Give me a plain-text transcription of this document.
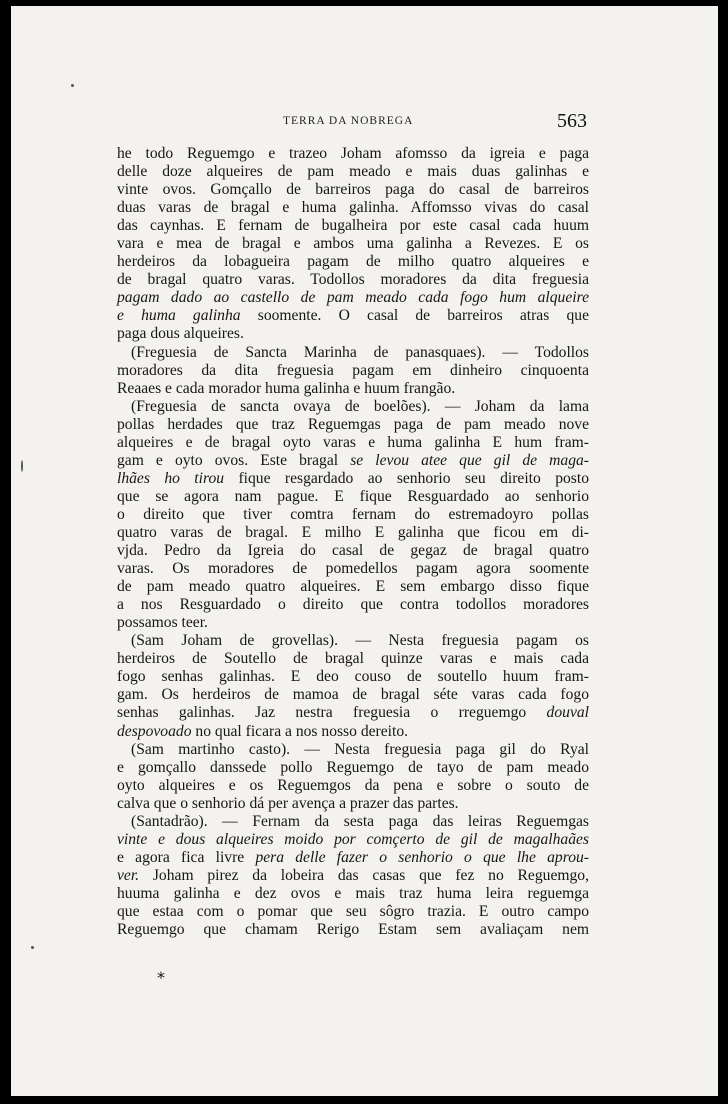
TERRA DA NOBREGA	563
he todo Reguemgo e trazeo Joham afomsso da igreia e paga
delle doze alqueires de pam meado e mais duas galinhas e
vinte ovos. Gomçallo de barreiros paga do casal de barreiros
duas varas de bragal e huma galinha. Affomsso vivas do casal
das caynhas. E fernam de bugalheira por este casal cada huum
vara e mea de bragal e ambos uma galinha a Revezes. E os
herdeiros da lobagueira pagam de milho quatro alqueires e
de bragal quatro varas. Todollos moradores da dita freguesia
pagam dado ao castello de pam meado cada fogo hum alqueire
e huma galinha soomente. O casal de barreiros atras que
paga dous alqueires.
(Freguesia de Sancta Marinha de panasquaes). — Todollos
moradores da dita freguesia pagam em dinheiro cinquoenta
Reaaes e cada morador huma galinha e huum frangão.
(Freguesia de sancta ovaya de boelões). — Joham da lama
pollas herdades que traz Reguemgas paga de pam meado nove
alqueires e de bragal oyto varas e huma galinha E hum fram-
gam e oyto ovos. Este bragal se levou atee que gil de maga-
lhães ho tirou fique resgardado ao senhorio seu direito posto
que se agora nam pague. E fique Resguardado ao senhorio
o direito que tiver comtra fernam do estremadoyro pollas
quatro varas de bragal. E milho E galinha que ficou em di-
vjda. Pedro da Igreia do casal de gegaz de bragal quatro
varas. Os moradores de pomedellos pagam agora soomente
de pam meado quatro alqueires. E sem embargo disso fique
a nos Resguardado o direito que contra todollos moradores
possamos teer.
(Sam Joham de grovellas). — Nesta freguesia pagam os
herdeiros de Soutello de bragal quinze varas e mais cada
fogo senhas galinhas. E deo couso de soutello huum fram-
gam. Os herdeiros de mamoa de bragal séte varas cada fogo
senhas galinhas. Jaz nestra freguesia o rreguemgo douval
despovoado no qual ficara a nos nosso dereito.
(Sam martinho casto). — Nesta freguesia paga gil do Ryal
e gomçallo danssede pollo Reguemgo de tayo de pam meado
oyto alqueires e os Reguemgos da pena e sobre o souto de
calva que o senhorio dá per avença a prazer das partes.
(Santadrão). — Fernam da sesta paga das leiras Reguemgas
vinte e dous alqueires moido por comçerto de gil de magalhaães
e agora fica livre pera delle fazer o senhorio o que lhe aprou-
ver. Joham pirez da lobeira das casas que fez no Reguemgo,
huuma galinha e dez ovos e mais traz huma leira reguemga
que estaa com o pomar que seu sôgro trazia. E outro campo
Reguemgo que chamam Rerigo Estam sem avaliaçam nem
*
